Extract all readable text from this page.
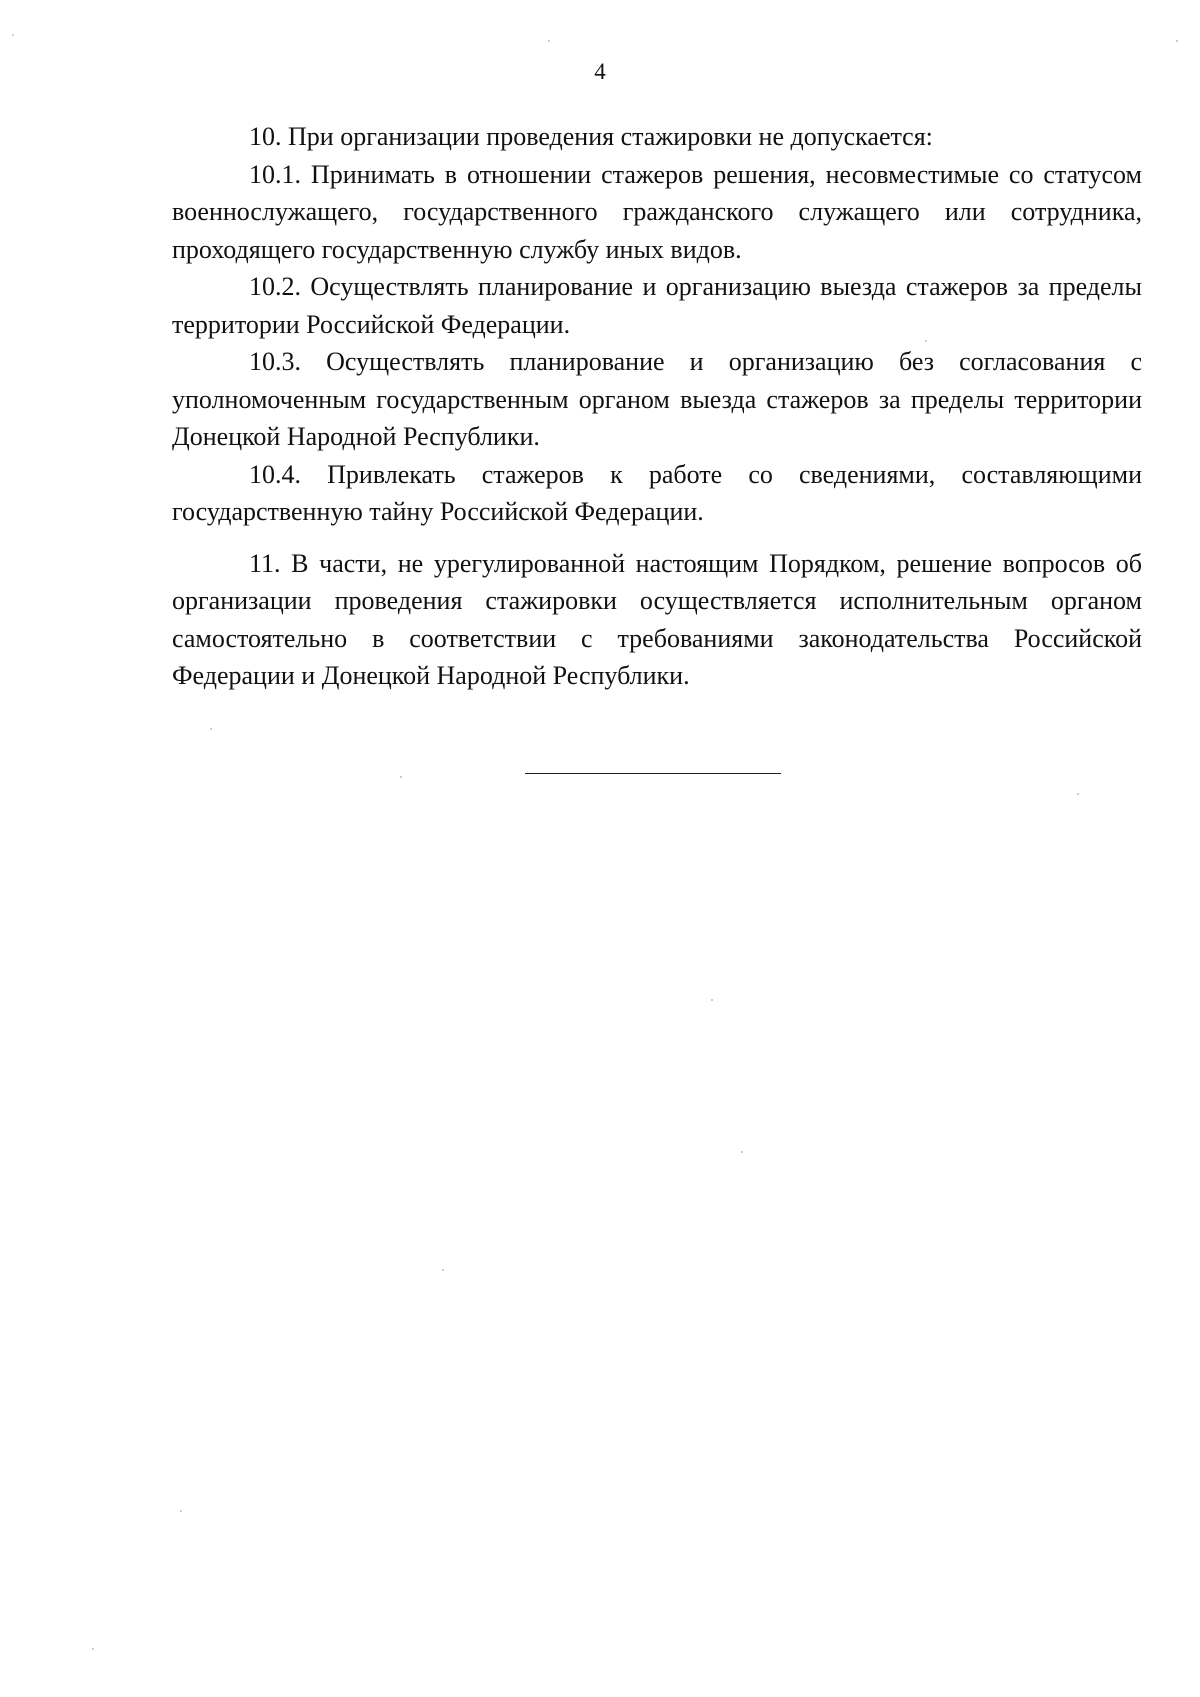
4

10. При организации проведения стажировки не допускается:

10.1. Принимать в отношении стажеров решения, несовместимые со статусом военнослужащего, государственного гражданского служащего или сотрудника, проходящего государственную службу иных видов.

10.2. Осуществлять планирование и организацию выезда стажеров за пределы территории Российской Федерации.

10.3. Осуществлять планирование и организацию без согласования с уполномоченным государственным органом выезда стажеров за пределы территории Донецкой Народной Республики.

10.4. Привлекать стажеров к работе со сведениями, составляющими государственную тайну Российской Федерации.

11. В части, не урегулированной настоящим Порядком, решение вопросов об организации проведения стажировки осуществляется исполнительным органом самостоятельно в соответствии с требованиями законодательства Российской Федерации и Донецкой Народной Республики.
